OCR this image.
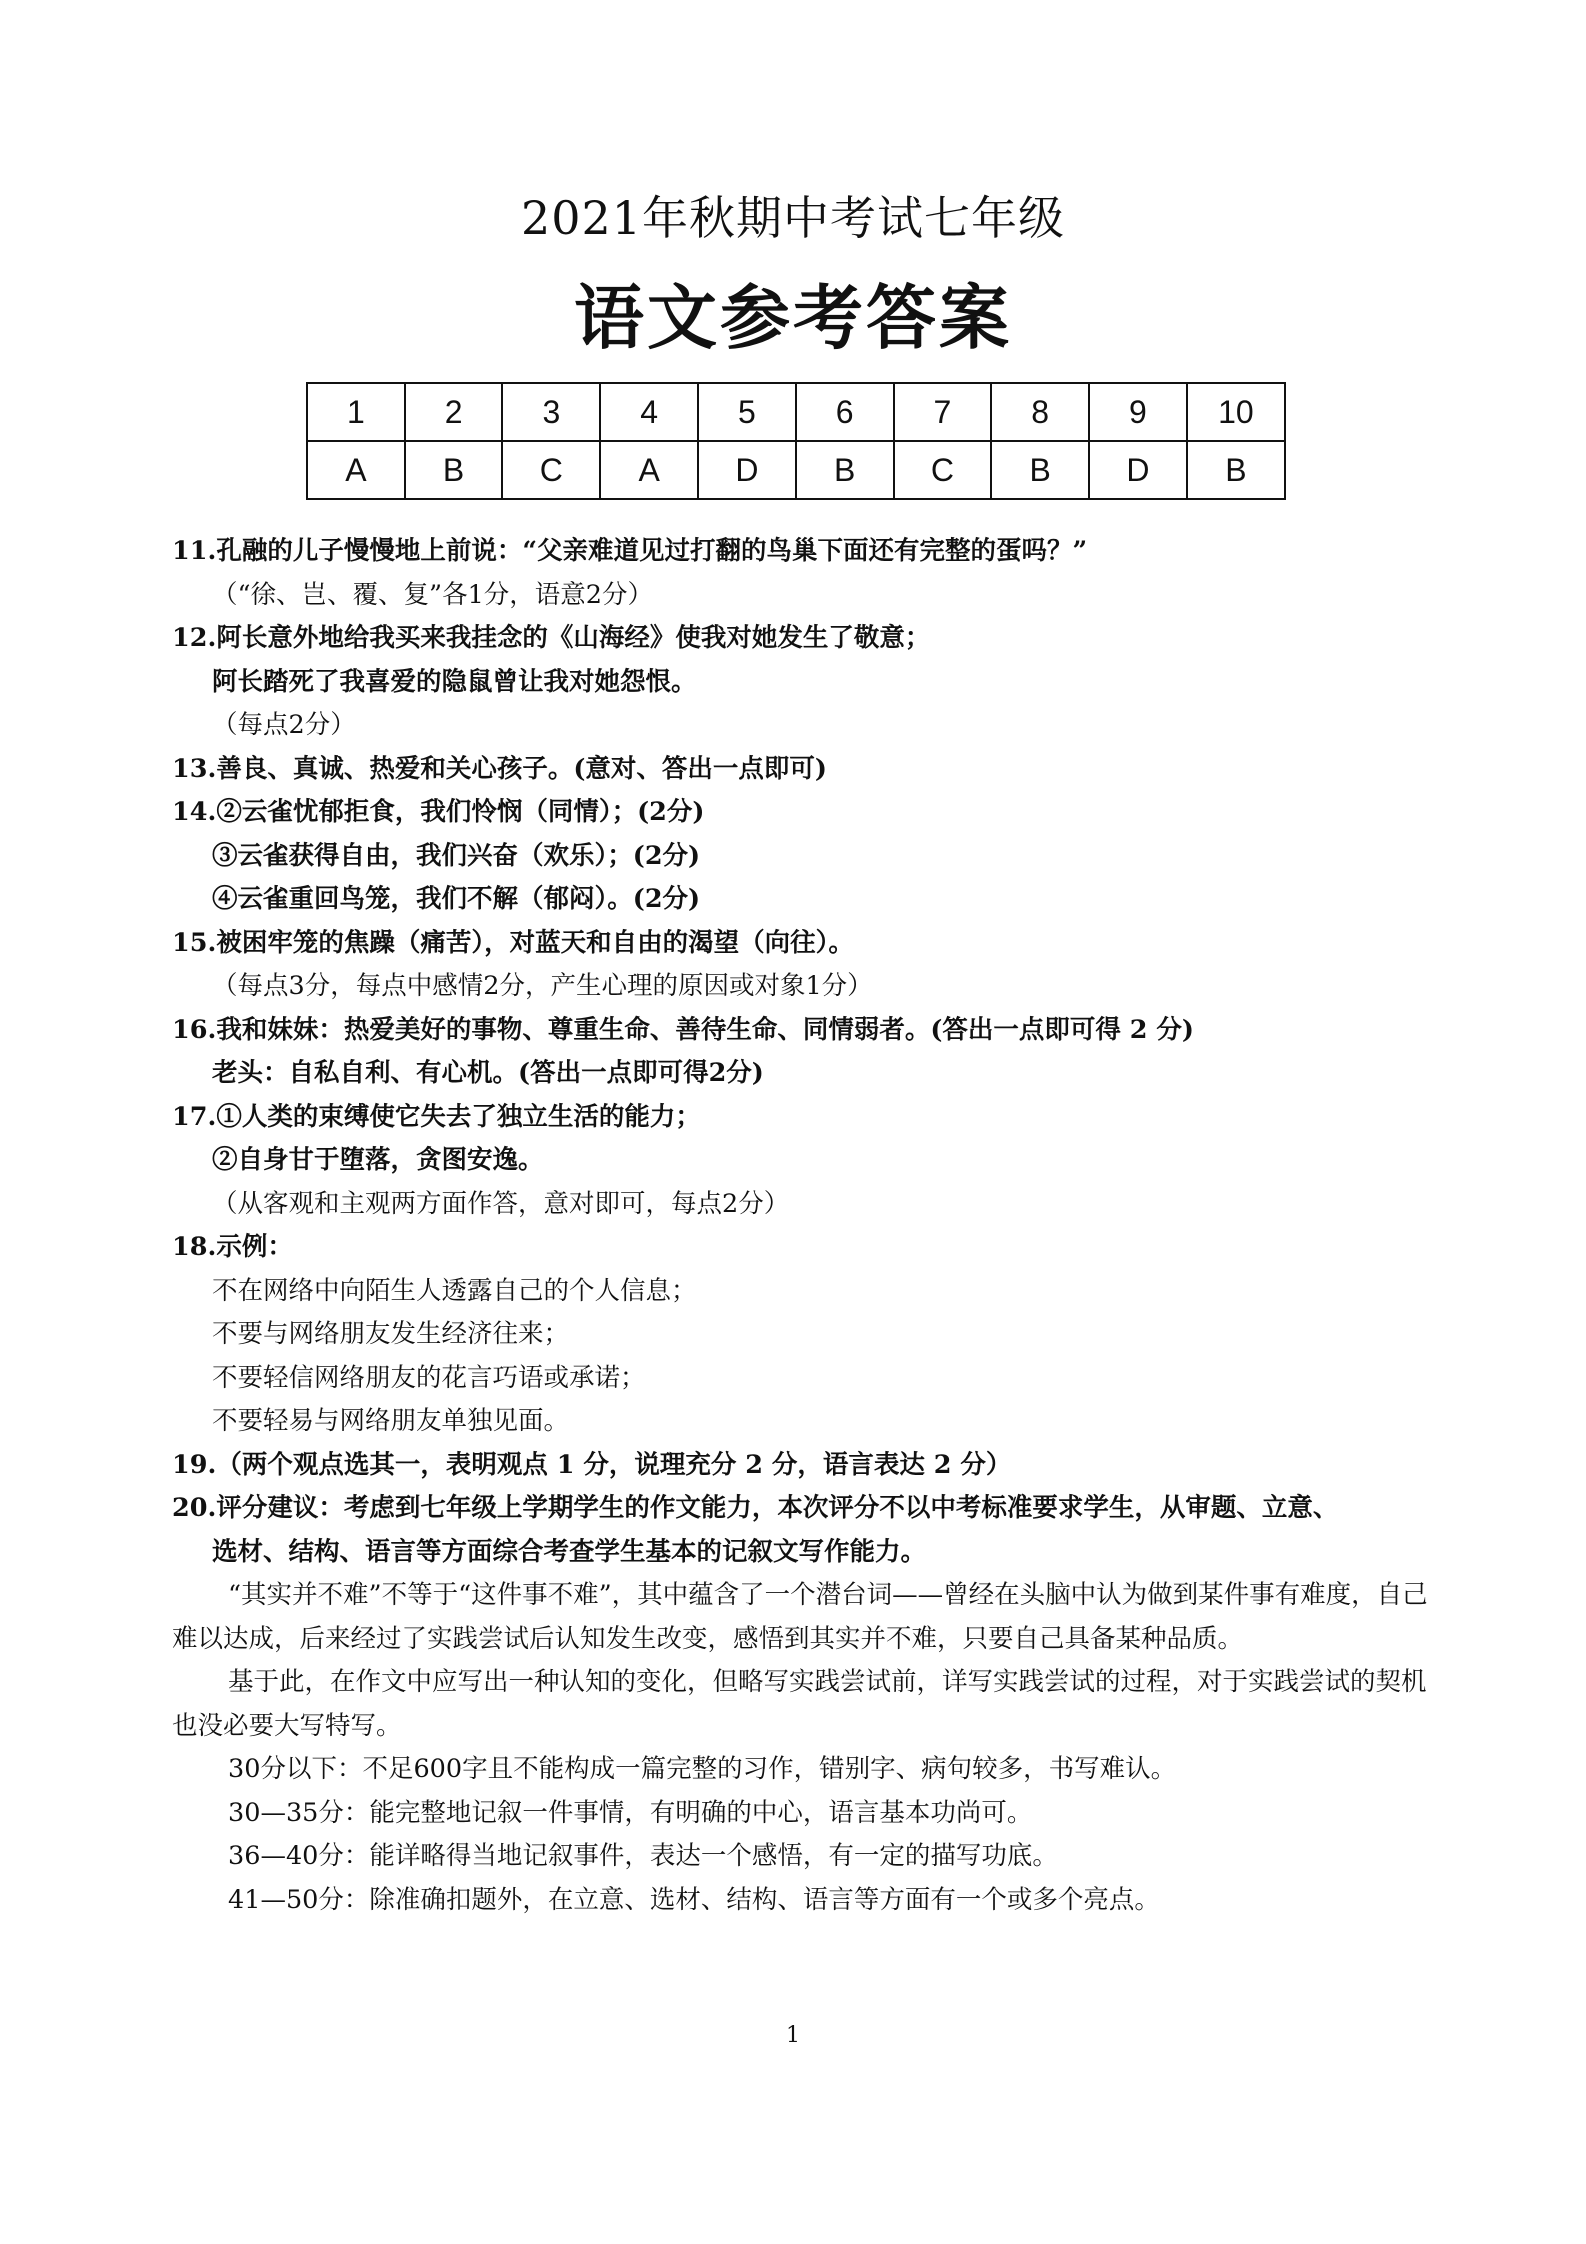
2021年秋期中考试七年级
语文参考答案
1	2	3	4	5	6	7	8	9	10
A	B	C	A	D	B	C	B	D	B
11.孔融的儿子慢慢地上前说：“父亲难道见过打翻的鸟巢下面还有完整的蛋吗？”
（“徐、岂、覆、复”各1分，语意2分）
12.阿长意外地给我买来我挂念的《山海经》使我对她发生了敬意；
阿长踏死了我喜爱的隐鼠曾让我对她怨恨。
（每点2分）
13.善良、真诚、热爱和关心孩子。(意对、答出一点即可)
14.②云雀忧郁拒食，我们怜悯（同情）；(2分)
③云雀获得自由，我们兴奋（欢乐）；(2分)
④云雀重回鸟笼，我们不解（郁闷）。(2分)
15.被困牢笼的焦躁（痛苦），对蓝天和自由的渴望（向往）。
（每点3分，每点中感情2分，产生心理的原因或对象1分）
16.我和妹妹：热爱美好的事物、尊重生命、善待生命、同情弱者。(答出一点即可得 2 分)
老头：自私自利、有心机。(答出一点即可得2分)
17.①人类的束缚使它失去了独立生活的能力；
②自身甘于堕落，贪图安逸。
（从客观和主观两方面作答，意对即可，每点2分）
18.示例：
不在网络中向陌生人透露自己的个人信息；
不要与网络朋友发生经济往来；
不要轻信网络朋友的花言巧语或承诺；
不要轻易与网络朋友单独见面。
19.（两个观点选其一，表明观点 1 分，说理充分 2 分，语言表达 2 分）
20.评分建议：考虑到七年级上学期学生的作文能力，本次评分不以中考标准要求学生，从审题、立意、
选材、结构、语言等方面综合考查学生基本的记叙文写作能力。
“其实并不难”不等于“这件事不难”，其中蕴含了一个潜台词——曾经在头脑中认为做到某件事有难度，自己难以达成，后来经过了实践尝试后认知发生改变，感悟到其实并不难，只要自己具备某种品质。
基于此，在作文中应写出一种认知的变化，但略写实践尝试前，详写实践尝试的过程，对于实践尝试的契机也没必要大写特写。
30分以下：不足600字且不能构成一篇完整的习作，错别字、病句较多，书写难认。
30—35分：能完整地记叙一件事情，有明确的中心，语言基本功尚可。
36—40分：能详略得当地记叙事件，表达一个感悟，有一定的描写功底。
41—50分：除准确扣题外，在立意、选材、结构、语言等方面有一个或多个亮点。
1
